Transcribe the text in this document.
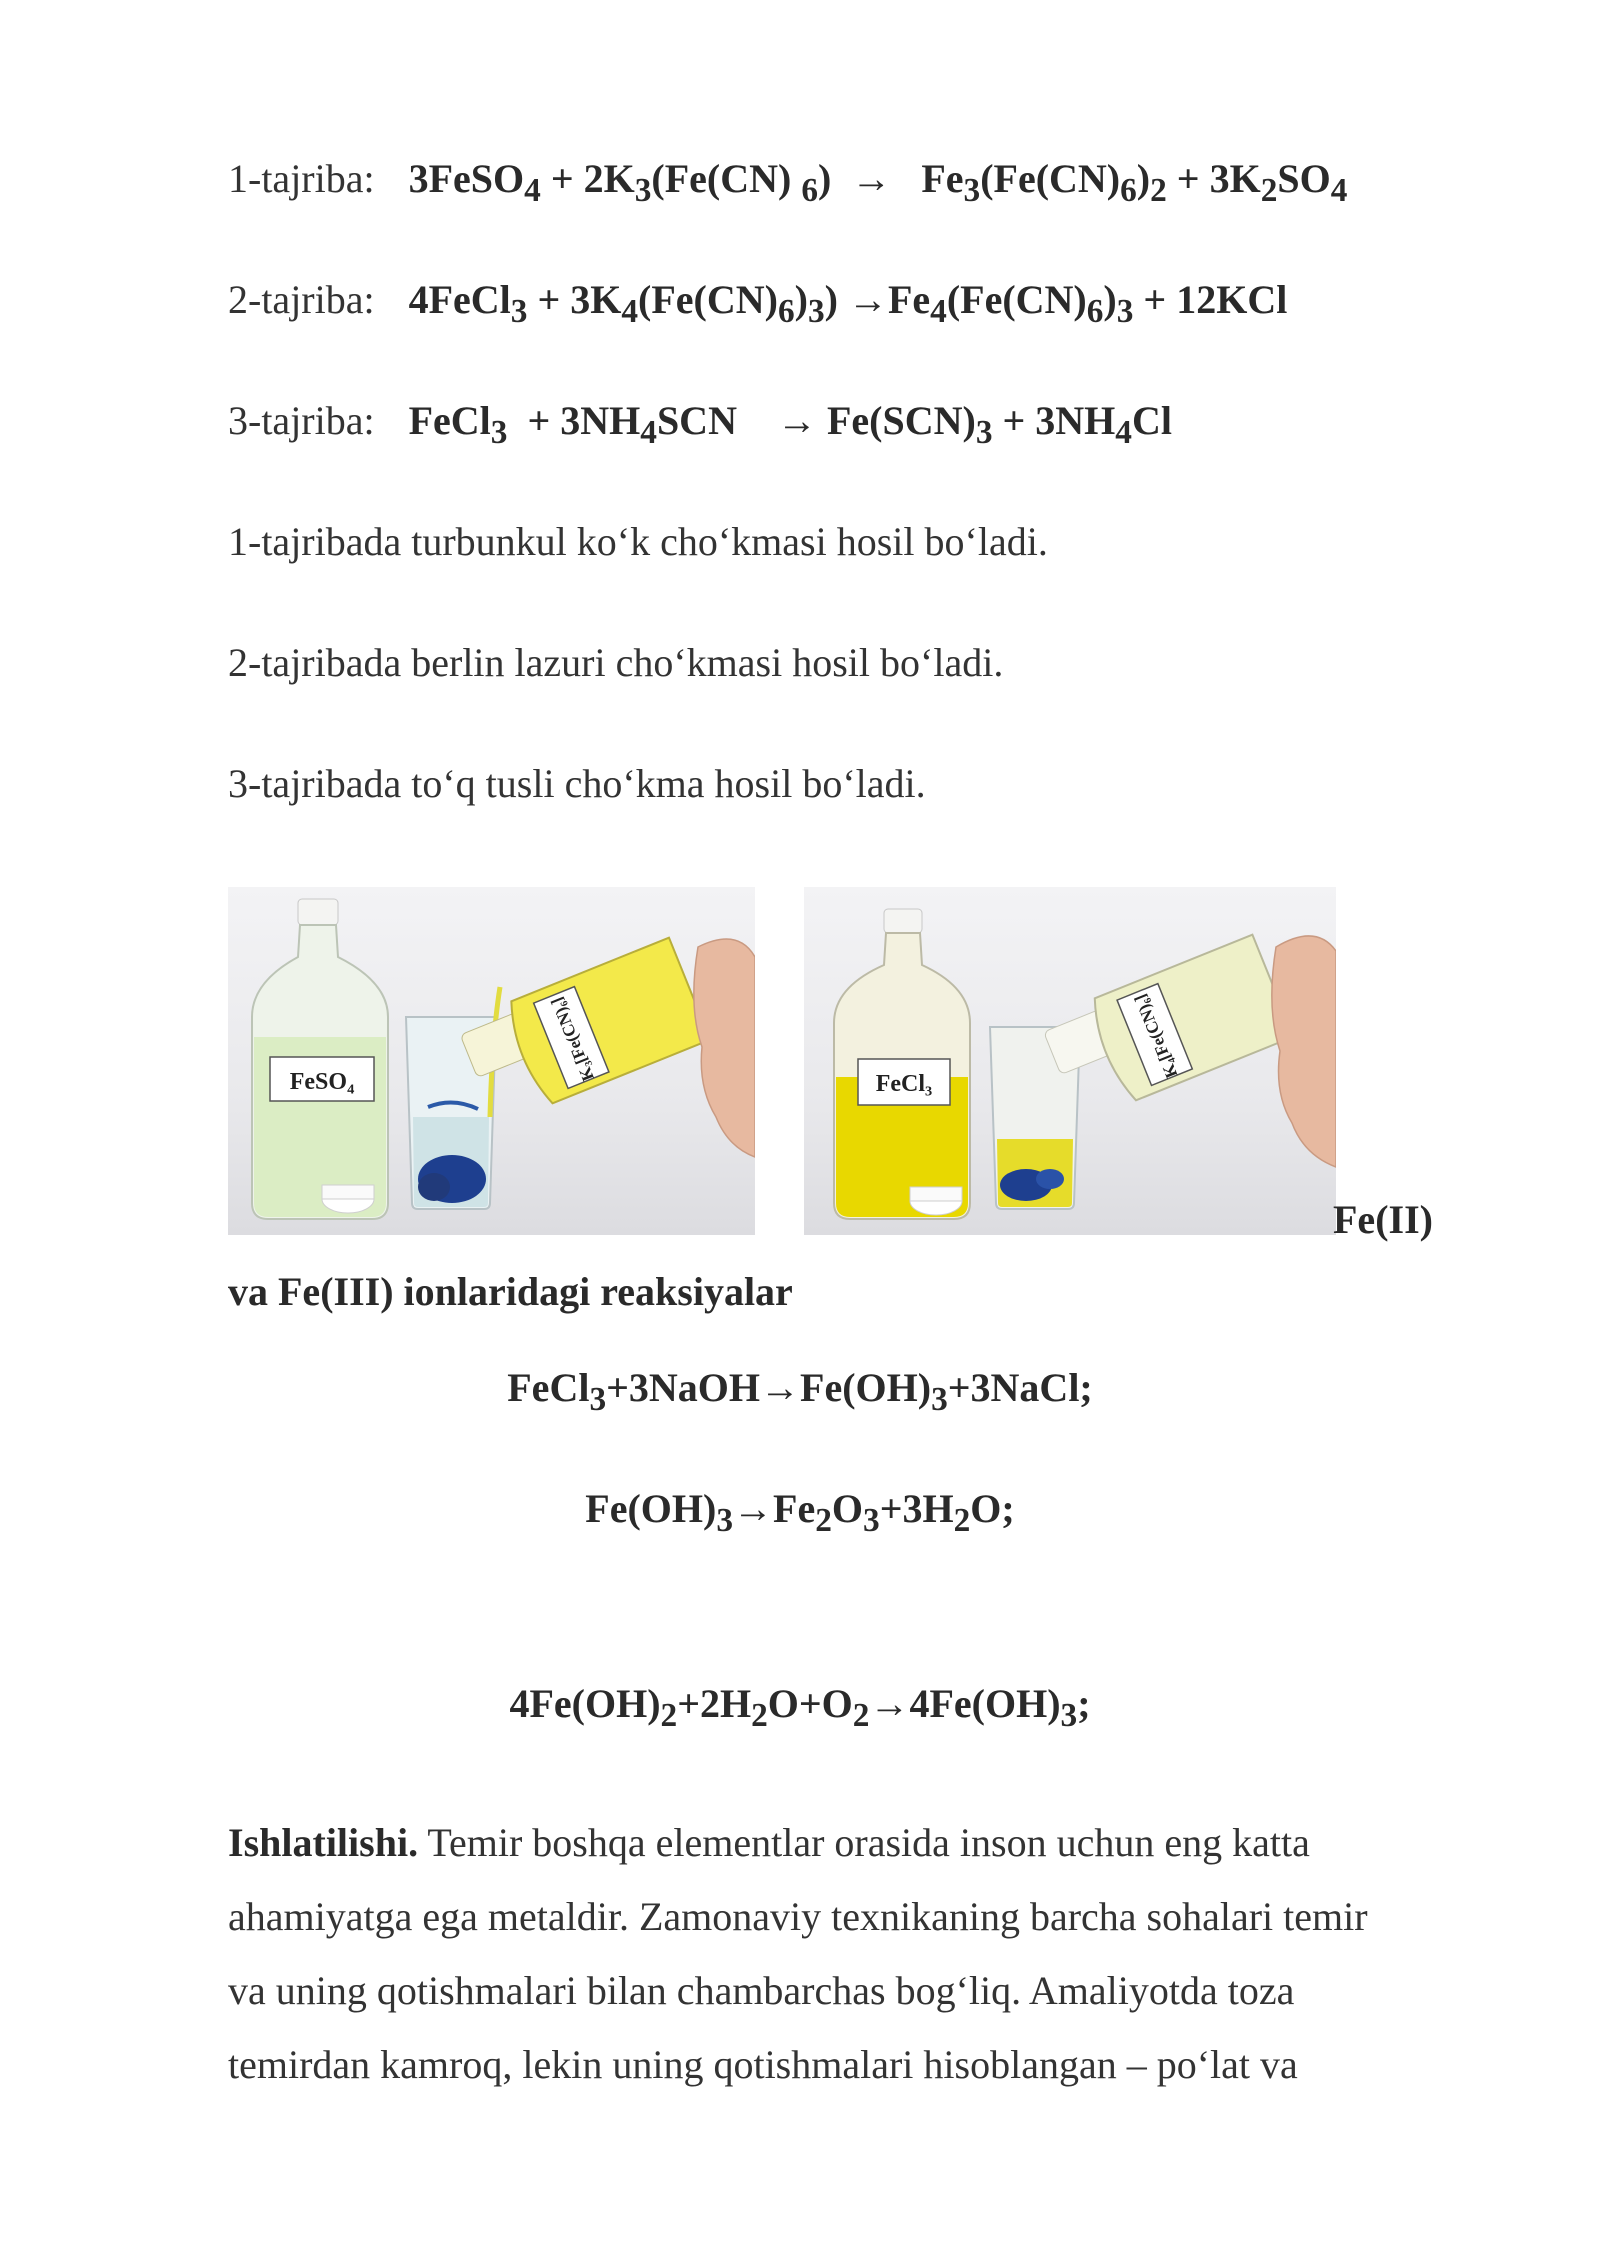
1-tajriba: 3FeSO$_4$ + $2K_3(Fe(CN) _6) \to Fe_3(Fe(CN)_6)_2 + 3K_2SO_4$
2-tajriba: 4FeCl$_3$ + $3K_4(Fe(CN)_6)_3) \to Fe_4(Fe(CN)_6)_3 + 12KCl$
3-tajriba: FeCl$_3$  + $3NH_4SCN$    → $Fe(SCN)_3 + 3NH_4Cl$
1-tajribada turbunkul ko‘k cho‘kmasi hosil bo‘ladi.
2-tajribada berlin lazuri cho‘kmasi hosil bo‘ladi.
3-tajribada to‘q tusli cho‘kma hosil bo‘ladi.
FeSO₄	K₃[Fe(CN)₆]
FeCl₃
K₄[Fe(CN)₆]
Fe(II)
va Fe(III) ionlaridagi reaksiyalar
$FeCl_3+3NaOH\to Fe(OH)_3+3NaCl$;
$Fe(OH)_3\to Fe_2O_3+3H_2O$;
$4Fe(OH)_2+2H_2O+O_2\to 4Fe(OH)_3$;

Ishlatilishi. Temir boshqa elementlar orasida inson uchun eng katta

ahamiyatga ega metaldir. Zamonaviy texnikaning barcha sohalari temir

va uning qotishmalari bilan chambarchas bog‘liq. Amaliyotda toza

temirdan kamroq, lekin uning qotishmalari hisoblangan – po‘lat va
